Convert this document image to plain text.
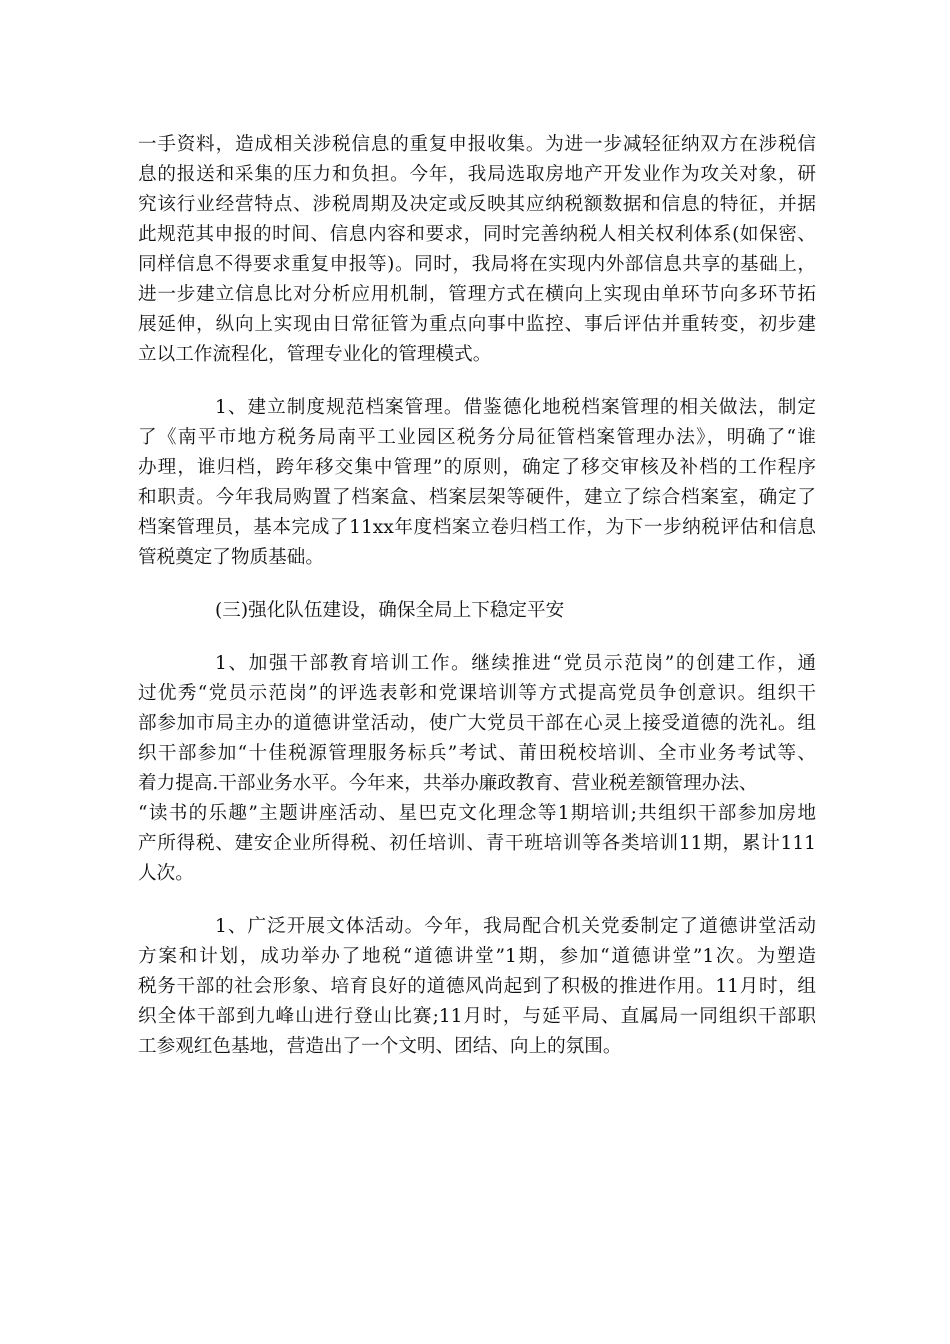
一手资料，造成相关涉税信息的重复申报收集。为进一步减轻征纳双方在涉税信
息的报送和采集的压力和负担。今年，我局选取房地产开发业作为攻关对象，研
究该行业经营特点、涉税周期及决定或反映其应纳税额数据和信息的特征，并据
此规范其申报的时间、信息内容和要求，同时完善纳税人相关权利体系(如保密、
同样信息不得要求重复申报等)。同时，我局将在实现内外部信息共享的基础上，
进一步建立信息比对分析应用机制，管理方式在横向上实现由单环节向多环节拓
展延伸，纵向上实现由日常征管为重点向事中监控、事后评估并重转变，初步建
立以工作流程化，管理专业化的管理模式。
1、建立制度规范档案管理。借鉴德化地税档案管理的相关做法，制定
了《南平市地方税务局南平工业园区税务分局征管档案管理办法》，明确了“谁
办理，谁归档，跨年移交集中管理”的原则，确定了移交审核及补档的工作程序
和职责。今年我局购置了档案盒、档案层架等硬件，建立了综合档案室，确定了
档案管理员，基本完成了11xx年度档案立卷归档工作，为下一步纳税评估和信息
管税奠定了物质基础。
(三)强化队伍建设，确保全局上下稳定平安
1、加强干部教育培训工作。继续推进“党员示范岗”的创建工作，通
过优秀“党员示范岗”的评选表彰和党课培训等方式提高党员争创意识。组织干
部参加市局主办的道德讲堂活动，使广大党员干部在心灵上接受道德的洗礼。组
织干部参加“十佳税源管理服务标兵”考试、莆田税校培训、全市业务考试等、
着力提高.干部业务水平。今年来，共举办廉政教育、营业税差额管理办法、
“读书的乐趣”主题讲座活动、星巴克文化理念等1期培训;共组织干部参加房地
产所得税、建安企业所得税、初任培训、青干班培训等各类培训11期，累计111
人次。
1、广泛开展文体活动。今年，我局配合机关党委制定了道德讲堂活动
方案和计划，成功举办了地税“道德讲堂”1期，参加“道德讲堂”1次。为塑造
税务干部的社会形象、培育良好的道德风尚起到了积极的推进作用。11月时，组
织全体干部到九峰山进行登山比赛;11月时，与延平局、直属局一同组织干部职
工参观红色基地，营造出了一个文明、团结、向上的氛围。
